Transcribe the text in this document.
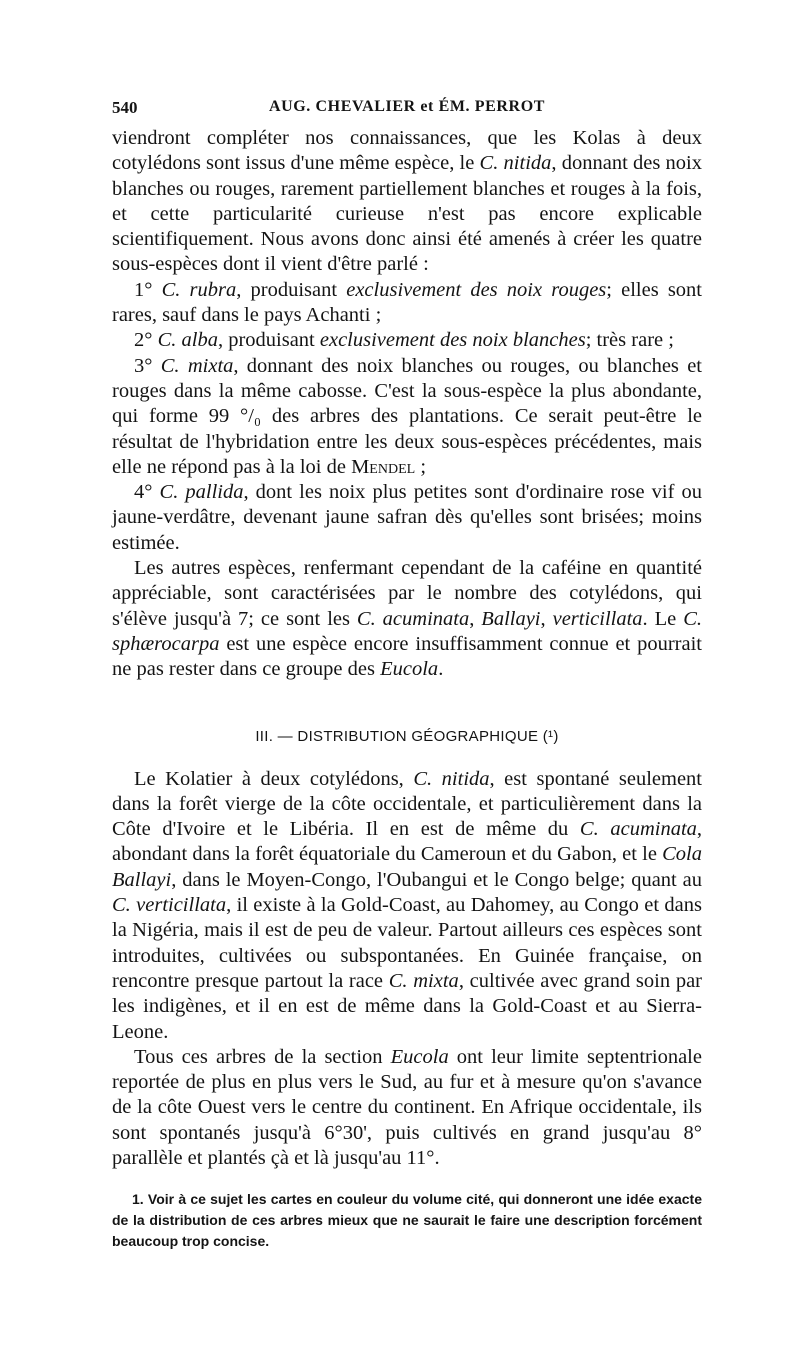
540	AUG. CHEVALIER et ÉM. PERROT

viendront compléter nos connaissances, que les Kolas à deux cotylédons sont issus d'une même espèce, le C. nitida, donnant des noix blanches ou rouges, rarement partiellement blanches et rouges à la fois, et cette particularité curieuse n'est pas encore explicable scientifiquement. Nous avons donc ainsi été amenés à créer les quatre sous-espèces dont il vient d'être parlé :

1° C. rubra, produisant exclusivement des noix rouges; elles sont rares, sauf dans le pays Achanti ;

2° C. alba, produisant exclusivement des noix blanches; très rare ;

3° C. mixta, donnant des noix blanches ou rouges, ou blanches et rouges dans la même cabosse. C'est la sous-espèce la plus abondante, qui forme 99 °/₀ des arbres des plantations. Ce serait peut-être le résultat de l'hybridation entre les deux sous-espèces précédentes, mais elle ne répond pas à la loi de Mendel ;

4° C. pallida, dont les noix plus petites sont d'ordinaire rose vif ou jaune-verdâtre, devenant jaune safran dès qu'elles sont brisées; moins estimée.

Les autres espèces, renfermant cependant de la caféine en quantité appréciable, sont caractérisées par le nombre des cotylédons, qui s'élève jusqu'à 7; ce sont les C. acuminata, Ballayi, verticillata. Le C. sphærocarpa est une espèce encore insuffisamment connue et pourrait ne pas rester dans ce groupe des Eucola.

III. — DISTRIBUTION GÉOGRAPHIQUE (¹)

Le Kolatier à deux cotylédons, C. nitida, est spontané seulement dans la forêt vierge de la côte occidentale, et particulièrement dans la Côte d'Ivoire et le Libéria. Il en est de même du C. acuminata, abondant dans la forêt équatoriale du Cameroun et du Gabon, et le Cola Ballayi, dans le Moyen-Congo, l'Oubangui et le Congo belge; quant au C. verticillata, il existe à la Gold-Coast, au Dahomey, au Congo et dans la Nigéria, mais il est de peu de valeur. Partout ailleurs ces espèces sont introduites, cultivées ou subspontanées. En Guinée française, on rencontre presque partout la race C. mixta, cultivée avec grand soin par les indigènes, et il en est de même dans la Gold-Coast et au Sierra-Leone.

Tous ces arbres de la section Eucola ont leur limite septentrionale reportée de plus en plus vers le Sud, au fur et à mesure qu'on s'avance de la côte Ouest vers le centre du continent. En Afrique occidentale, ils sont spontanés jusqu'à 6°30', puis cultivés en grand jusqu'au 8° parallèle et plantés çà et là jusqu'au 11°.

1. Voir à ce sujet les cartes en couleur du volume cité, qui donneront une idée exacte de la distribution de ces arbres mieux que ne saurait le faire une description forcément beaucoup trop concise.
